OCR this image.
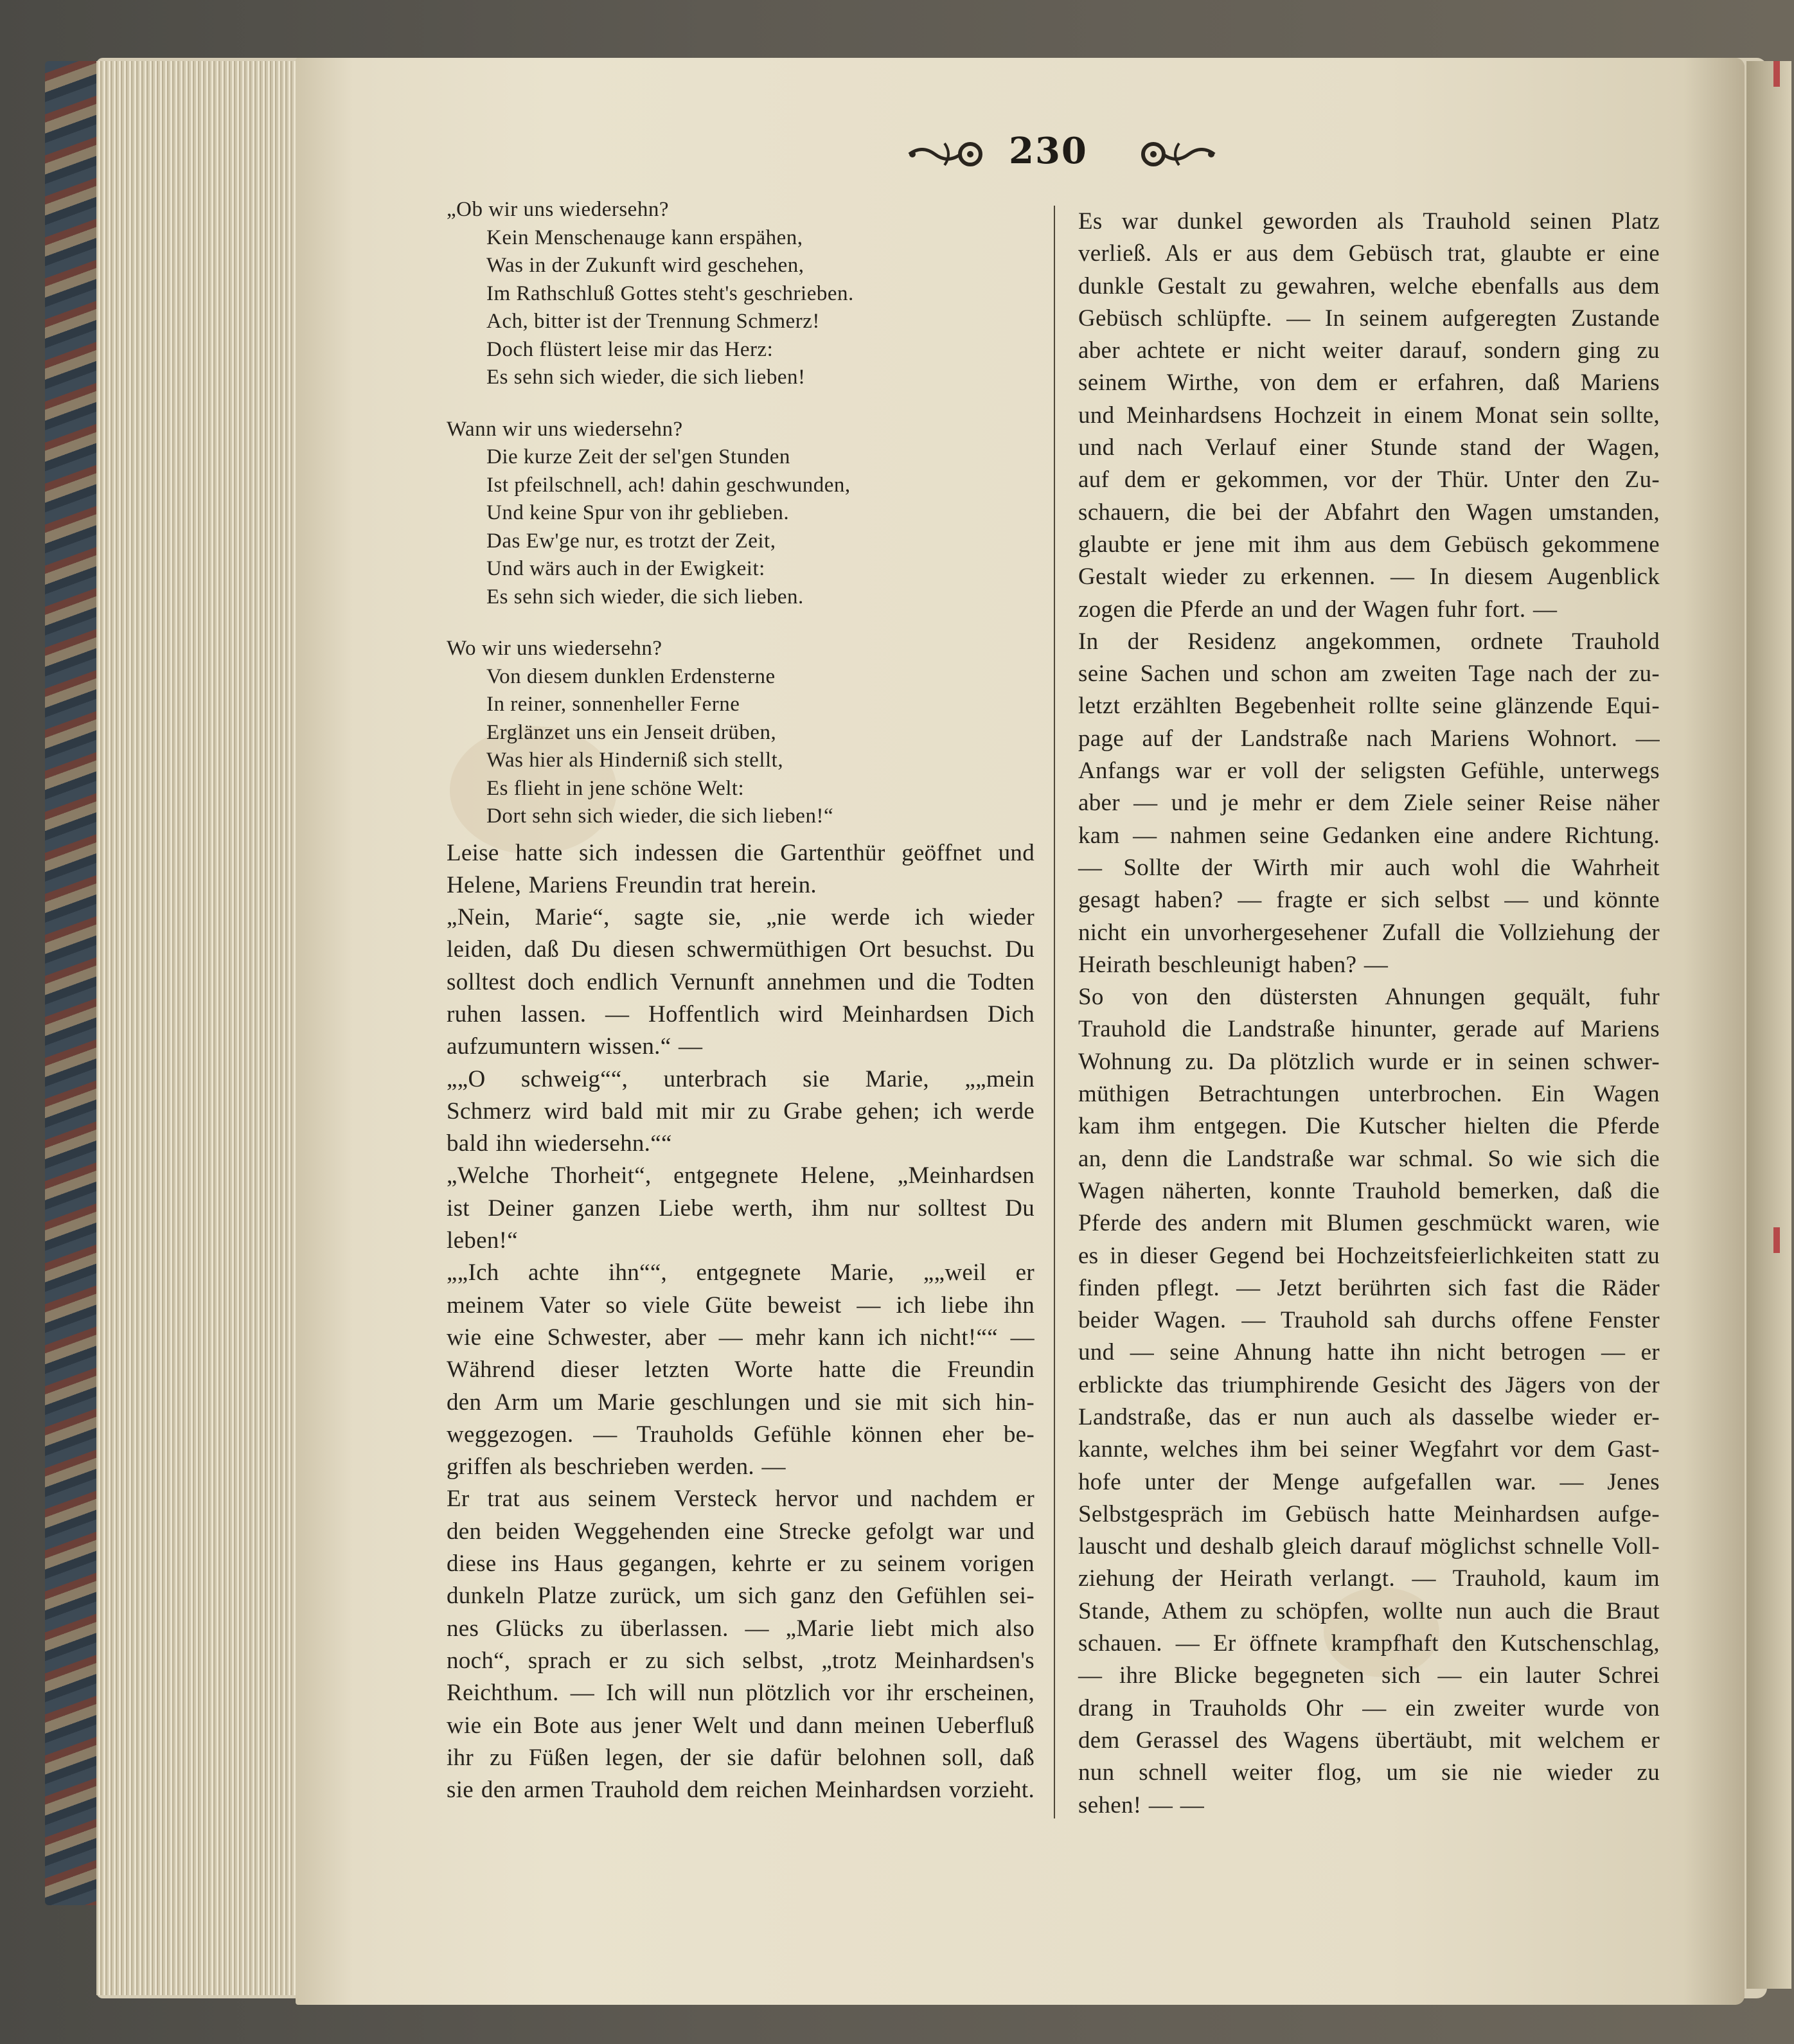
230
„Ob wir uns wiedersehn?
Kein Menschenauge kann erspähen,
Was in der Zukunft wird geschehen,
Im Rathschluß Gottes steht's geschrieben.
Ach, bitter ist der Trennung Schmerz!
Doch flüstert leise mir das Herz:
Es sehn sich wieder, die sich lieben!
Wann wir uns wiedersehn?
Die kurze Zeit der sel'gen Stunden
Ist pfeilschnell, ach! dahin geschwunden,
Und keine Spur von ihr geblieben.
Das Ew'ge nur, es trotzt der Zeit,
Und wärs auch in der Ewigkeit:
Es sehn sich wieder, die sich lieben.
Wo wir uns wiedersehn?
Von diesem dunklen Erdensterne
In reiner, sonnenheller Ferne
Erglänzet uns ein Jenseit drüben,
Was hier als Hinderniß sich stellt,
Es flieht in jene schöne Welt:
Dort sehn sich wieder, die sich lieben!“

Leise hatte sich indessen die Gartenthür geöffnet und

Helene, Mariens Freundin trat herein.

„Nein, Marie“, sagte sie, „nie werde ich wieder

leiden, daß Du diesen schwermüthigen Ort besuchst. Du

solltest doch endlich Vernunft annehmen und die Todten

ruhen lassen. — Hoffentlich wird Meinhardsen Dich

aufzumuntern wissen.“ —

„„O schweig““, unterbrach sie Marie, „„mein

Schmerz wird bald mit mir zu Grabe gehen; ich werde

bald ihn wiedersehn.““

„Welche Thorheit“, entgegnete Helene, „Meinhardsen

ist Deiner ganzen Liebe werth, ihm nur solltest Du

leben!“

„„Ich achte ihn““, entgegnete Marie, „„weil er

meinem Vater so viele Güte beweist — ich liebe ihn

wie eine Schwester, aber — mehr kann ich nicht!““ —

Während dieser letzten Worte hatte die Freundin

den Arm um Marie geschlungen und sie mit sich hin-

weggezogen. — Trauholds Gefühle können eher be-

griffen als beschrieben werden. —

Er trat aus seinem Versteck hervor und nachdem er

den beiden Weggehenden eine Strecke gefolgt war und

diese ins Haus gegangen, kehrte er zu seinem vorigen

dunkeln Platze zurück, um sich ganz den Gefühlen sei-

nes Glücks zu überlassen. — „Marie liebt mich also

noch“, sprach er zu sich selbst, „trotz Meinhardsen's

Reichthum. — Ich will nun plötzlich vor ihr erscheinen,

wie ein Bote aus jener Welt und dann meinen Ueberfluß

ihr zu Füßen legen, der sie dafür belohnen soll, daß

sie den armen Trauhold dem reichen Meinhardsen vorzieht.

Es war dunkel geworden als Trauhold seinen Platz

verließ. Als er aus dem Gebüsch trat, glaubte er eine

dunkle Gestalt zu gewahren, welche ebenfalls aus dem

Gebüsch schlüpfte. — In seinem aufgeregten Zustande

aber achtete er nicht weiter darauf, sondern ging zu

seinem Wirthe, von dem er erfahren, daß Mariens

und Meinhardsens Hochzeit in einem Monat sein sollte,

und nach Verlauf einer Stunde stand der Wagen,

auf dem er gekommen, vor der Thür. Unter den Zu-

schauern, die bei der Abfahrt den Wagen umstanden,

glaubte er jene mit ihm aus dem Gebüsch gekommene

Gestalt wieder zu erkennen. — In diesem Augenblick

zogen die Pferde an und der Wagen fuhr fort. —

In der Residenz angekommen, ordnete Trauhold

seine Sachen und schon am zweiten Tage nach der zu-

letzt erzählten Begebenheit rollte seine glänzende Equi-

page auf der Landstraße nach Mariens Wohnort. —

Anfangs war er voll der seligsten Gefühle, unterwegs

aber — und je mehr er dem Ziele seiner Reise näher

kam — nahmen seine Gedanken eine andere Richtung.

— Sollte der Wirth mir auch wohl die Wahrheit

gesagt haben? — fragte er sich selbst — und könnte

nicht ein unvorhergesehener Zufall die Vollziehung der

Heirath beschleunigt haben? —

So von den düstersten Ahnungen gequält, fuhr

Trauhold die Landstraße hinunter, gerade auf Mariens

Wohnung zu. Da plötzlich wurde er in seinen schwer-

müthigen Betrachtungen unterbrochen. Ein Wagen

kam ihm entgegen. Die Kutscher hielten die Pferde

an, denn die Landstraße war schmal. So wie sich die

Wagen näherten, konnte Trauhold bemerken, daß die

Pferde des andern mit Blumen geschmückt waren, wie

es in dieser Gegend bei Hochzeitsfeierlichkeiten statt zu

finden pflegt. — Jetzt berührten sich fast die Räder

beider Wagen. — Trauhold sah durchs offene Fenster

und — seine Ahnung hatte ihn nicht betrogen — er

erblickte das triumphirende Gesicht des Jägers von der

Landstraße, das er nun auch als dasselbe wieder er-

kannte, welches ihm bei seiner Wegfahrt vor dem Gast-

hofe unter der Menge aufgefallen war. — Jenes

Selbstgespräch im Gebüsch hatte Meinhardsen aufge-

lauscht und deshalb gleich darauf möglichst schnelle Voll-

ziehung der Heirath verlangt. — Trauhold, kaum im

Stande, Athem zu schöpfen, wollte nun auch die Braut

schauen. — Er öffnete krampfhaft den Kutschenschlag,

— ihre Blicke begegneten sich — ein lauter Schrei

drang in Trauholds Ohr — ein zweiter wurde von

dem Gerassel des Wagens übertäubt, mit welchem er

nun schnell weiter flog, um sie nie wieder zu

sehen! — —
